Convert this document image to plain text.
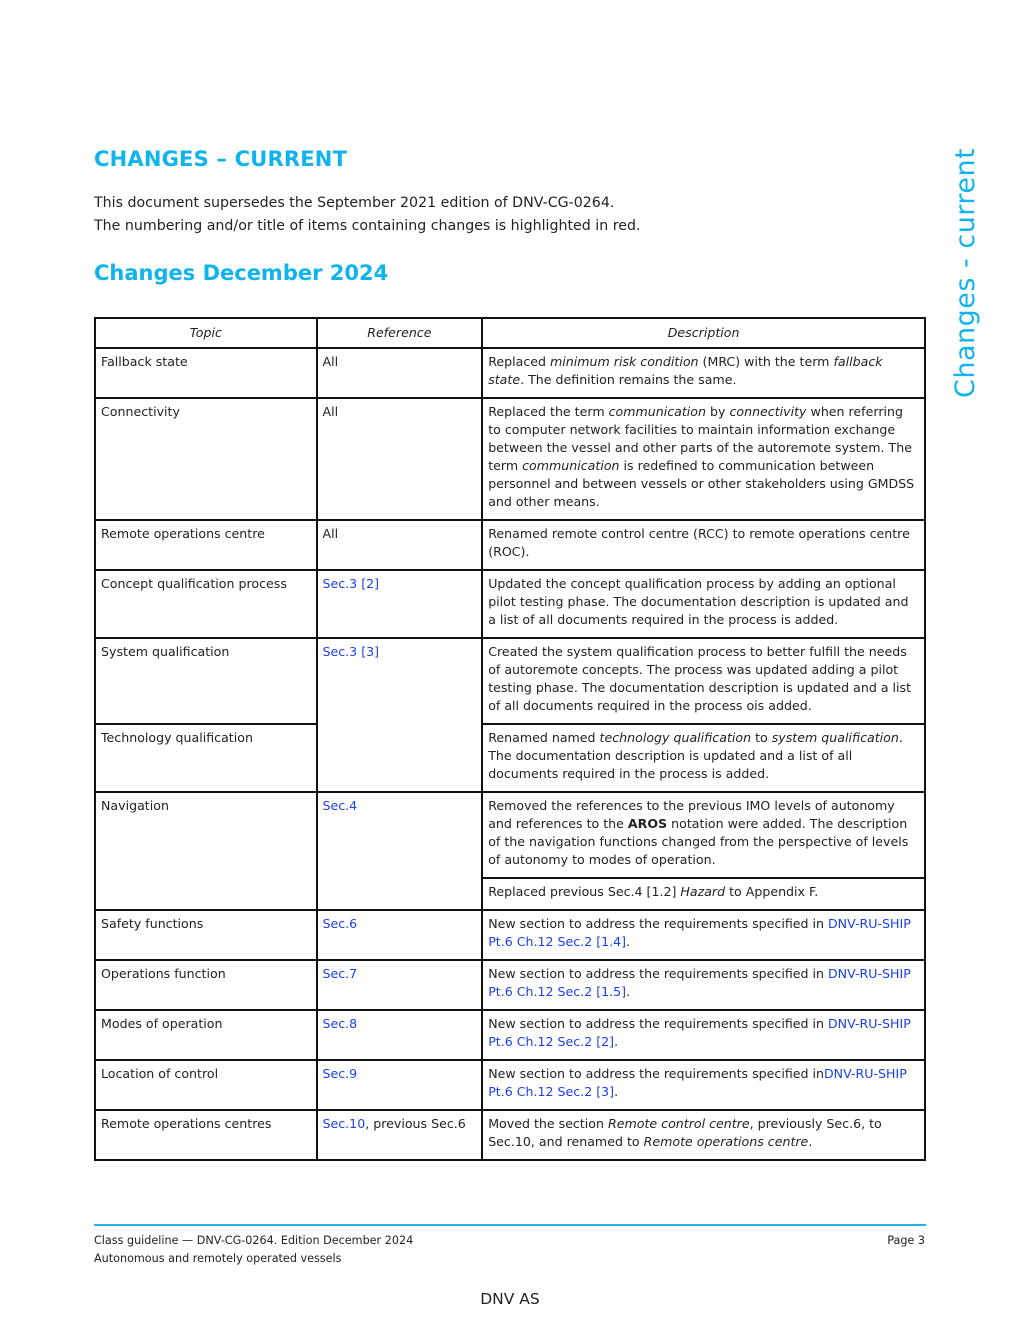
CHANGES – CURRENT

This document supersedes the September 2021 edition of DNV-CG-0264.

The numbering and/or title of items containing changes is highlighted in red.

Changes December 2024	Changes - current
Topic	Reference	Description
Fallback state	All	Replaced minimum risk condition (MRC) with the term fallback state. The definition remains the same.
Connectivity	All	Replaced the term communication by connectivity when referring to computer network facilities to maintain information exchange between the vessel and other parts of the autoremote system. The term communication is redefined to communication between personnel and between vessels or other stakeholders using GMDSS and other means.
Remote operations centre	All	Renamed remote control centre (RCC) to remote operations centre (ROC).
Concept qualification process	Sec.3 [2]	Updated the concept qualification process by adding an optional pilot testing phase. The documentation description is updated and a list of all documents required in the process is added.
System qualification	Sec.3 [3]	Created the system qualification process to better fulfill the needs of autoremote concepts. The process was updated adding a pilot testing phase. The documentation description is updated and a list of all documents required in the process ois added.
Technology qualification		Renamed named technology qualification to system qualification. The documentation description is updated and a list of all documents required in the process is added.
Navigation	Sec.4	Removed the references to the previous IMO levels of autonomy and references to the AROS notation were added. The description of the navigation functions changed from the perspective of levels of autonomy to modes of operation.
		Replaced previous Sec.4 [1.2] Hazard to Appendix F.
Safety functions	Sec.6	New section to address the requirements specified in DNV-RU-SHIP Pt.6 Ch.12 Sec.2 [1.4].
Operations function	Sec.7	New section to address the requirements specified in DNV-RU-SHIP Pt.6 Ch.12 Sec.2 [1.5].
Modes of operation	Sec.8	New section to address the requirements specified in DNV-RU-SHIP Pt.6 Ch.12 Sec.2 [2].
Location of control	Sec.9	New section to address the requirements specified inDNV-RU-SHIP Pt.6 Ch.12 Sec.2 [3].
Remote operations centres	Sec.10, previous Sec.6	Moved the section Remote control centre, previously Sec.6, to Sec.10, and renamed to Remote operations centre.
Class guideline — DNV-CG-0264. Edition December 2024
Autonomous and remotely operated vessels
Page 3
DNV AS
